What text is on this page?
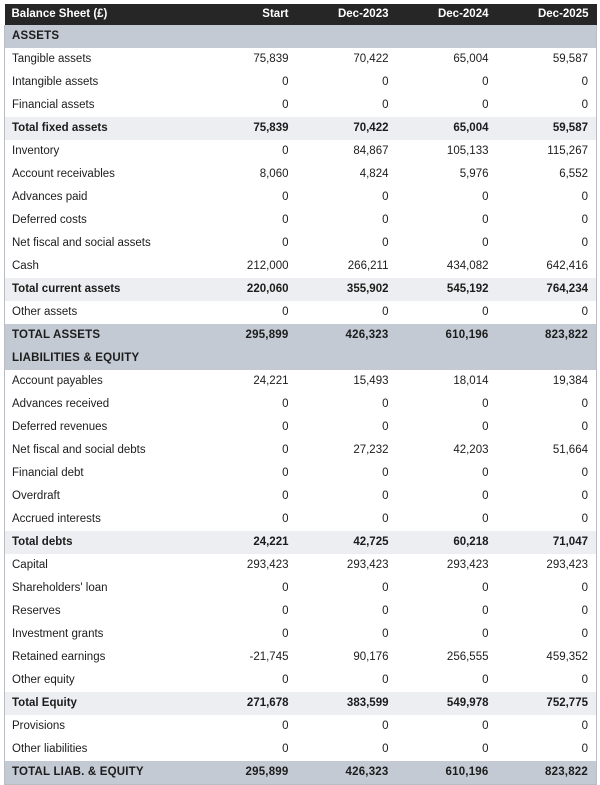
Balance Sheet (£)	Start	Dec-2023	Dec-2024	Dec-2025
ASSETS				
Tangible assets	75,839	70,422	65,004	59,587
Intangible assets	0	0	0	0
Financial assets	0	0	0	0
Total fixed assets	75,839	70,422	65,004	59,587
Inventory	0	84,867	105,133	115,267
Account receivables	8,060	4,824	5,976	6,552
Advances paid	0	0	0	0
Deferred costs	0	0	0	0
Net fiscal and social assets	0	0	0	0
Cash	212,000	266,211	434,082	642,416
Total current assets	220,060	355,902	545,192	764,234
Other assets	0	0	0	0
TOTAL ASSETS	295,899	426,323	610,196	823,822
LIABILITIES & EQUITY				
Account payables	24,221	15,493	18,014	19,384
Advances received	0	0	0	0
Deferred revenues	0	0	0	0
Net fiscal and social debts	0	27,232	42,203	51,664
Financial debt	0	0	0	0
Overdraft	0	0	0	0
Accrued interests	0	0	0	0
Total debts	24,221	42,725	60,218	71,047
Capital	293,423	293,423	293,423	293,423
Shareholders' loan	0	0	0	0
Reserves	0	0	0	0
Investment grants	0	0	0	0
Retained earnings	-21,745	90,176	256,555	459,352
Other equity	0	0	0	0
Total Equity	271,678	383,599	549,978	752,775
Provisions	0	0	0	0
Other liabilities	0	0	0	0
TOTAL LIAB. & EQUITY	295,899	426,323	610,196	823,822
